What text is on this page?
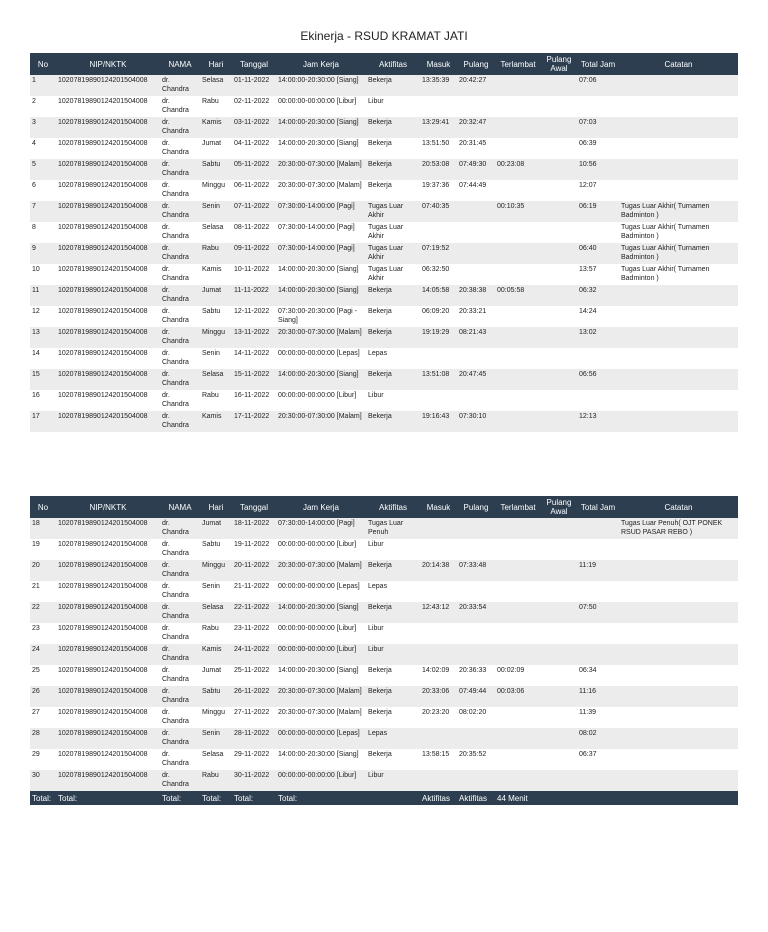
Ekinerja - RSUD KRAMAT JATI
No	NIP/NKTK	NAMA	Hari	Tanggal	Jam Kerja	Aktifitas	Masuk	Pulang	Terlambat	Pulang Awal	Total Jam	Catatan
1	102078198901242015040​08	dr. Chandra	Selasa	01-11-2022	14:00:00-20:30:00 [Siang]	Bekerja	13:35:39	20:42:27			07:06	
2	10207819890124201504008	dr. Chandra	Rabu	02-11-2022	00:00:00-00:00:00 [Libur]	Libur						
3	10207819890124201504008	dr. Chandra	Kamis	03-11-2022	14:00:00-20:30:00 [Siang]	Bekerja	13:29:41	20:32:47			07:03	
4	10207819890124201504008	dr. Chandra	Jumat	04-11-2022	14:00:00-20:30:00 [Siang]	Bekerja	13:51:50	20:31:45			06:39	
5	10207819890124201504008	dr. Chandra	Sabtu	05-11-2022	20:30:00-07:30:00 [Malam]	Bekerja	20:53:08	07:49:30	00:23:08		10:56	
6	10207819890124201504008	dr. Chandra	Minggu	06-11-2022	20:30:00-07:30:00 [Malam]	Bekerja	19:37:36	07:44:49			12:07	
7	10207819890124201504008	dr. Chandra	Senin	07-11-2022	07:30:00-14:00:00 [Pagi]	Tugas Luar Akhir	07:40:35		00:10:35		06:19	Tugas Luar Akhir( Turnamen Badminton )
8	10207819890124201504008	dr. Chandra	Selasa	08-11-2022	07:30:00-14:00:00 [Pagi]	Tugas Luar Akhir						Tugas Luar Akhir( Turnamen Badminton )
9	10207819890124201504008	dr. Chandra	Rabu	09-11-2022	07:30:00-14:00:00 [Pagi]	Tugas Luar Akhir	07:19:52				06:40	Tugas Luar Akhir( Turnamen Badminton )
10	10207819890124201504008	dr. Chandra	Kamis	10-11-2022	14:00:00-20:30:00 [Siang]	Tugas Luar Akhir	06:32:50				13:57	Tugas Luar Akhir( Turnamen Badminton )
11	10207819890124201504008	dr. Chandra	Jumat	11-11-2022	14:00:00-20:30:00 [Siang]	Bekerja	14:05:58	20:38:38	00:05:58		06:32	
12	10207819890124201504008	dr. Chandra	Sabtu	12-11-2022	07:30:00-20:30:00 [Pagi - Siang]	Bekerja	06:09:20	20:33:21			14:24	
13	10207819890124201504008	dr. Chandra	Minggu	13-11-2022	20:30:00-07:30:00 [Malam]	Bekerja	19:19:29	08:21:43			13:02	
14	10207819890124201504008	dr. Chandra	Senin	14-11-2022	00:00:00-00:00:00 [Lepas]	Lepas						
15	10207819890124201504008	dr. Chandra	Selasa	15-11-2022	14:00:00-20:30:00 [Siang]	Bekerja	13:51:08	20:47:45			06:56	
16	10207819890124201504008	dr. Chandra	Rabu	16-11-2022	00:00:00-00:00:00 [Libur]	Libur						
17	10207819890124201504008	dr. Chandra	Kamis	17-11-2022	20:30:00-07:30:00 [Malam]	Bekerja	19:16:43	07:30:10			12:13	
No	NIP/NKTK	NAMA	Hari	Tanggal	Jam Kerja	Aktifitas	Masuk	Pulang	Terlambat	Pulang Awal	Total Jam	Catatan
18	10207819890124201504008	dr. Chandra	Jumat	18-11-2022	07:30:00-14:00:00 [Pagi]	Tugas Luar Penuh						Tugas Luar Penuh( OJT PONEK RSUD PASAR REBO )
19	10207819890124201504008	dr. Chandra	Sabtu	19-11-2022	00:00:00-00:00:00 [Libur]	Libur						
20	10207819890124201504008	dr. Chandra	Minggu	20-11-2022	20:30:00-07:30:00 [Malam]	Bekerja	20:14:38	07:33:48			11:19	
21	10207819890124201504008	dr. Chandra	Senin	21-11-2022	00:00:00-00:00:00 [Lepas]	Lepas						
22	10207819890124201504008	dr. Chandra	Selasa	22-11-2022	14:00:00-20:30:00 [Siang]	Bekerja	12:43:12	20:33:54			07:50	
23	10207819890124201504008	dr. Chandra	Rabu	23-11-2022	00:00:00-00:00:00 [Libur]	Libur						
24	10207819890124201504008	dr. Chandra	Kamis	24-11-2022	00:00:00-00:00:00 [Libur]	Libur						
25	10207819890124201504008	dr. Chandra	Jumat	25-11-2022	14:00:00-20:30:00 [Siang]	Bekerja	14:02:09	20:36:33	00:02:09		06:34	
26	10207819890124201504008	dr. Chandra	Sabtu	26-11-2022	20:30:00-07:30:00 [Malam]	Bekerja	20:33:06	07:49:44	00:03:06		11:16	
27	10207819890124201504008	dr. Chandra	Minggu	27-11-2022	20:30:00-07:30:00 [Malam]	Bekerja	20:23:20	08:02:20			11:39	
28	10207819890124201504008	dr. Chandra	Senin	28-11-2022	00:00:00-00:00:00 [Lepas]	Lepas					08:02	
29	10207819890124201504008	dr. Chandra	Selasa	29-11-2022	14:00:00-20:30:00 [Siang]	Bekerja	13:58:15	20:35:52			06:37	
30	10207819890124201504008	dr. Chandra	Rabu	30-11-2022	00:00:00-00:00:00 [Libur]	Libur						
Total:	Total:	Total:	Total:	Total:	Total:		Aktifitas	Aktifitas	44 Menit			
